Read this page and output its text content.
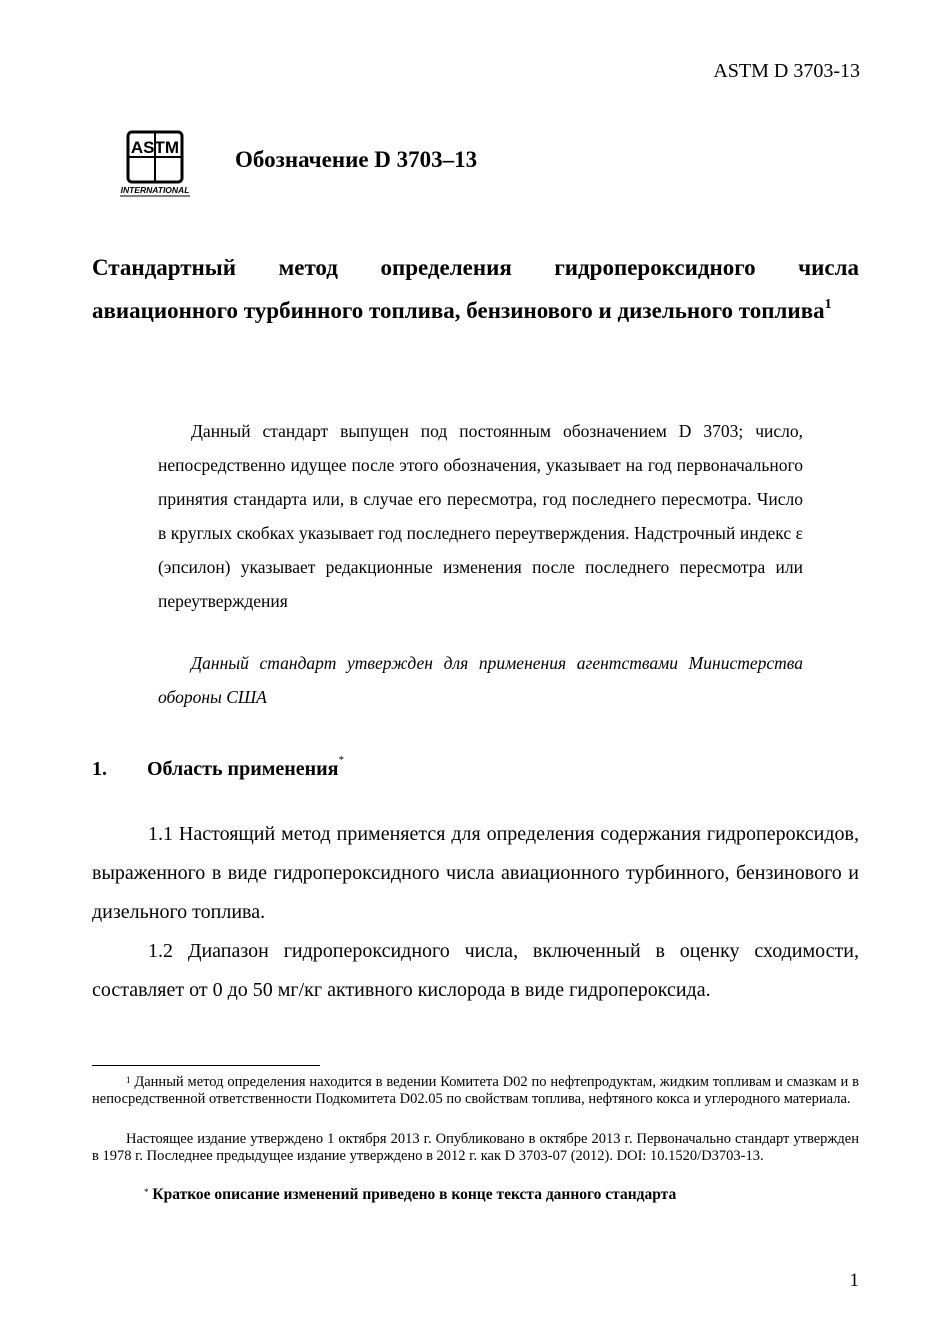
ASTM D 3703-13
ASTM
INTERNATIONAL
Обозначение D 3703–13
Стандартный метод определения гидропероксидного числа авиационного турбинного топлива, бензинового и дизельного топлива$^1$
Данный стандарт выпущен под постоянным обозначением D 3703; число, непосредственно идущее после этого обозначения, указывает на год первоначального принятия стандарта или, в случае его пересмотра, год последнего пересмотра. Число в круглых скобках указывает год последнего переутверждения. Надстрочный индекс ε (эпсилон) указывает редакционные изменения после последнего пересмотра или переутверждения
Данный стандарт утвержден для применения агентствами Министерства обороны США
1. Область применения*
1.1 Настоящий метод применяется для определения содержания гидропероксидов, выраженного в виде гидропероксидного числа авиационного турбинного, бензинового и дизельного топлива.
1.2 Диапазон гидропероксидного числа, включенный в оценку сходимости, составляет от 0 до 50 мг/кг активного кислорода в виде гидропероксида.
$^1$ Данный метод определения находится в ведении Комитета D02 по нефтепродуктам, жидким топливам и смазкам и в непосредственной ответственности Подкомитета D02.05 по свойствам топлива, нефтяного кокса и углеродного материала.
Настоящее издание утверждено 1 октября 2013 г. Опубликовано в октябре 2013 г. Первоначально стандарт утвержден в 1978 г. Последнее предыдущее издание утверждено в 2012 г. как D 3703-07 (2012). DOI: 10.1520/D3703-13.
* Краткое описание изменений приведено в конце текста данного стандарта
1
